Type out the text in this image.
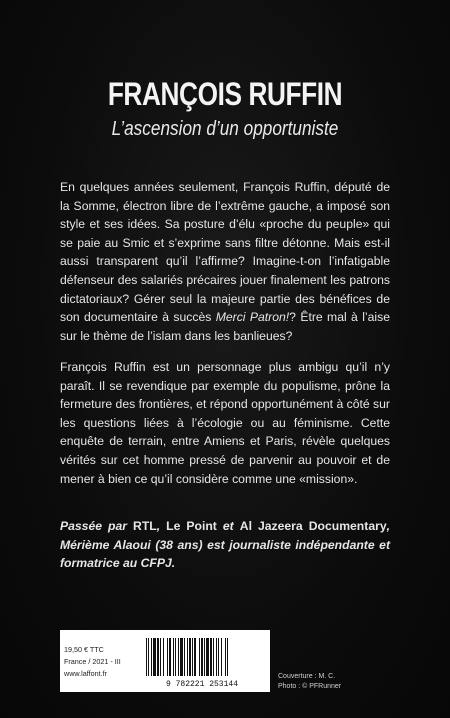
FRANÇOIS RUFFIN
L’ascension d’un opportuniste

En quelques années seulement, François Ruffin, député de la Somme, électron libre de l’extrême gauche, a imposé son style et ses idées. Sa posture d’élu «proche du peuple» qui se paie au Smic et s’exprime sans filtre détonne. Mais est-il aussi transparent qu’il l’affirme? Imagine-t-on l’infatigable défenseur des salariés précaires jouer finalement les patrons dictatoriaux? Gérer seul la majeure partie des bénéfices de son documentaire à succès Merci Patron!? Être mal à l’aise sur le thème de l’islam dans les banlieues?

François Ruffin est un personnage plus ambigu qu’il n’y paraît. Il se revendique par exemple du populisme, prône la fermeture des frontières, et répond opportunément à côté sur les questions liées à l’écologie ou au féminisme. Cette enquête de terrain, entre Amiens et Paris, révèle quelques vérités sur cet homme pressé de parvenir au pouvoir et de mener à bien ce qu’il considère comme une «mission».

Passée par RTL, Le Point et Al Jazeera Documentary, Mérième Alaoui (38 ans) est journaliste indépendante et formatrice au CFPJ.

19,50 € TTC
France / 2021 - III
www.laffont.fr
9 782221 253144
Couverture : M. C.
Photo : © PFRunner
